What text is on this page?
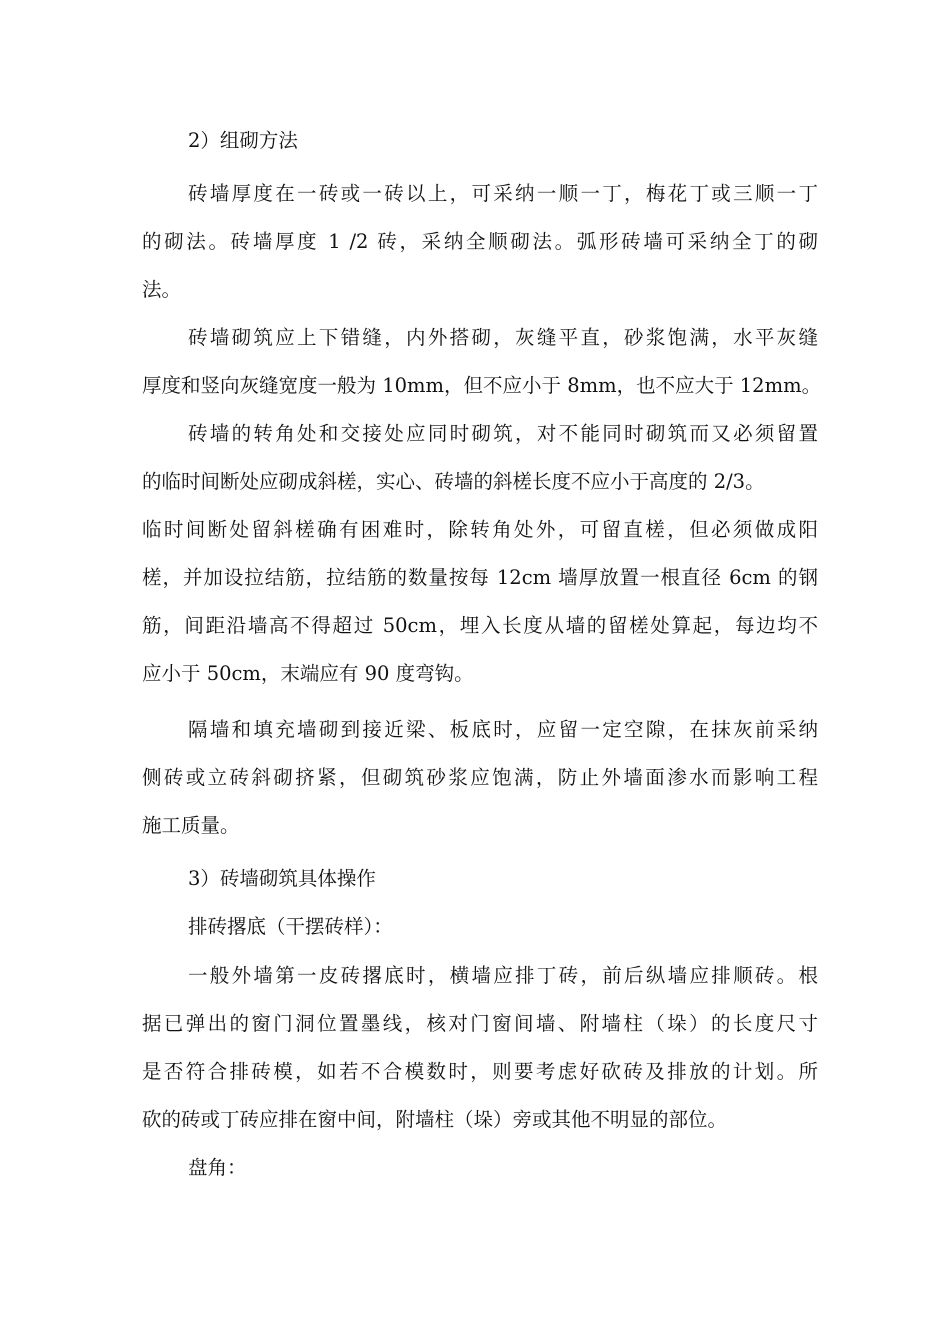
2）组砌方法
砖墙厚度在一砖或一砖以上，可采纳一顺一丁，梅花丁或三顺一丁
的砌法。砖墙厚度 1 /2 砖，采纳全顺砌法。弧形砖墙可采纳全丁的砌
法。
砖墙砌筑应上下错缝，内外搭砌，灰缝平直，砂浆饱满，水平灰缝
厚度和竖向灰缝宽度一般为 10mm，但不应小于 8mm，也不应大于 12mm。
砖墙的转角处和交接处应同时砌筑，对不能同时砌筑而又必须留置
的临时间断处应砌成斜槎，实心、砖墙的斜槎长度不应小于高度的 2/3。
临时间断处留斜槎确有困难时，除转角处外，可留直槎，但必须做成阳
槎，并加设拉结筋，拉结筋的数量按每 12cm 墙厚放置一根直径 6cm 的钢
筋，间距沿墙高不得超过 50cm，埋入长度从墙的留槎处算起，每边均不
应小于 50cm，末端应有 90 度弯钩。
隔墙和填充墙砌到接近梁、板底时，应留一定空隙，在抹灰前采纳
侧砖或立砖斜砌挤紧，但砌筑砂浆应饱满，防止外墙面渗水而影响工程
施工质量。
3）砖墙砌筑具体操作
排砖撂底（干摆砖样）：
一般外墙第一皮砖撂底时，横墙应排丁砖，前后纵墙应排顺砖。根
据已弹出的窗门洞位置墨线，核对门窗间墙、附墙柱（垛）的长度尺寸
是否符合排砖模，如若不合模数时，则要考虑好砍砖及排放的计划。所
砍的砖或丁砖应排在窗中间，附墙柱（垛）旁或其他不明显的部位。
盘角：
